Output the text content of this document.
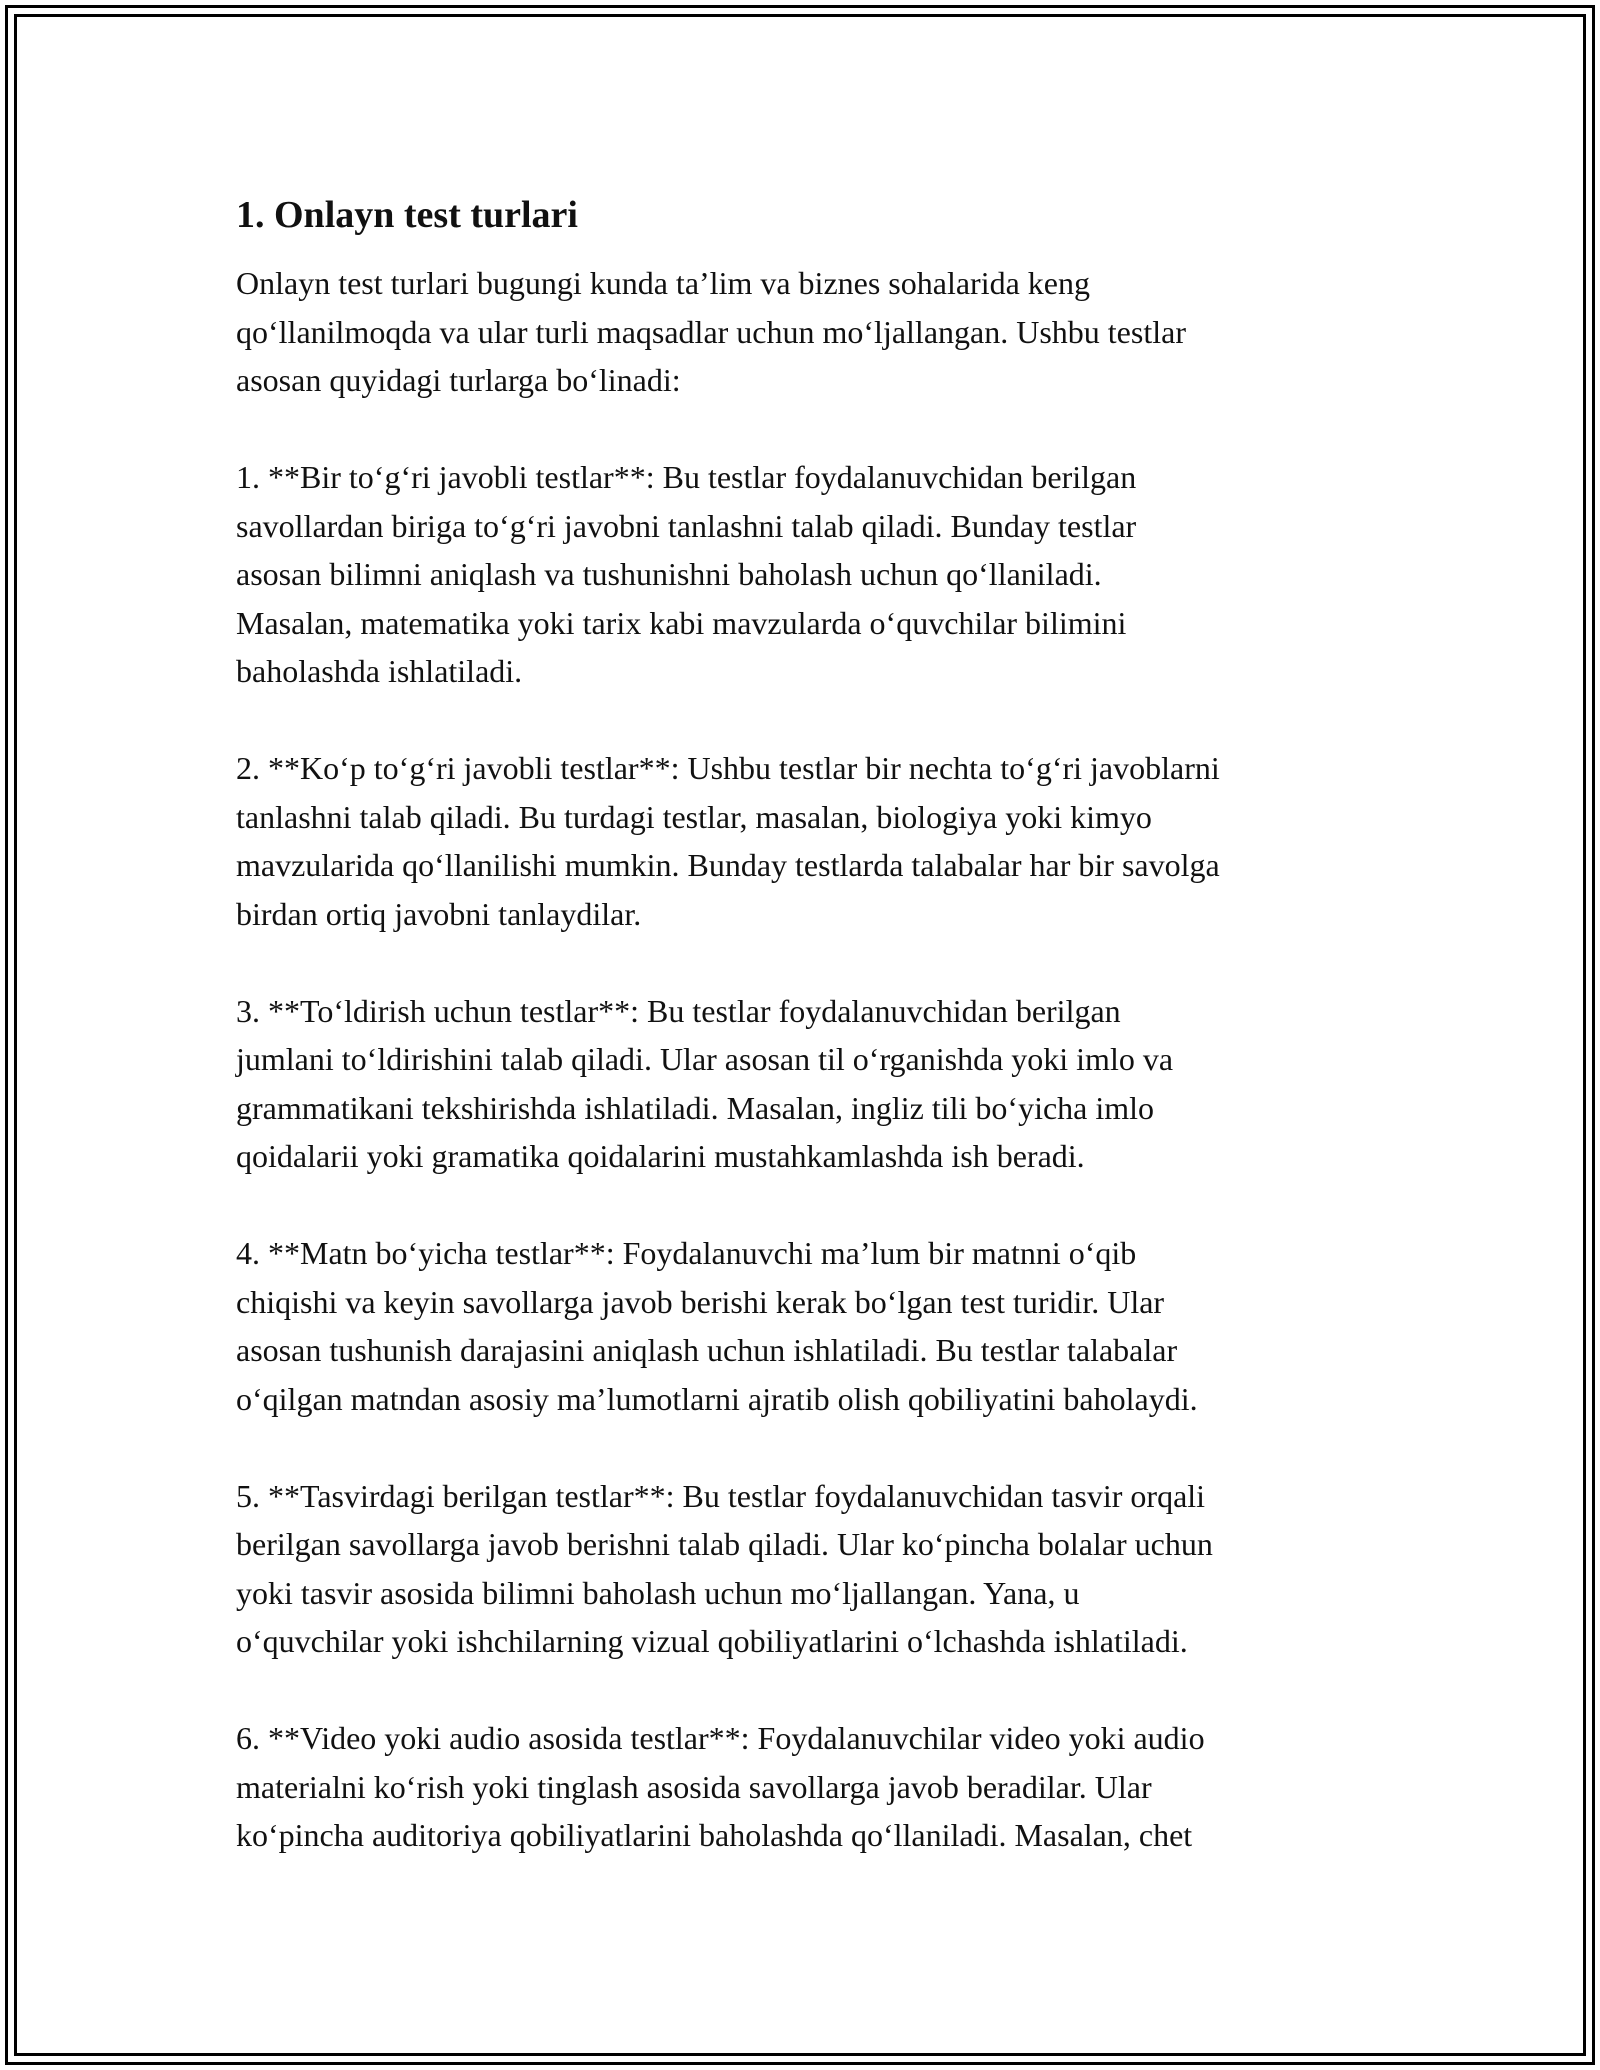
1. Onlayn test turlari
Onlayn test turlari bugungi kunda ta’lim va biznes sohalarida keng
qo‘llanilmoqda va ular turli maqsadlar uchun mo‘ljallangan. Ushbu testlar
asosan quyidagi turlarga bo‘linadi:
1. **Bir to‘g‘ri javobli testlar**: Bu testlar foydalanuvchidan berilgan
savollardan biriga to‘g‘ri javobni tanlashni talab qiladi. Bunday testlar
asosan bilimni aniqlash va tushunishni baholash uchun qo‘llaniladi.
Masalan, matematika yoki tarix kabi mavzularda o‘quvchilar bilimini
baholashda ishlatiladi.
2. **Ko‘p to‘g‘ri javobli testlar**: Ushbu testlar bir nechta to‘g‘ri javoblarni
tanlashni talab qiladi. Bu turdagi testlar, masalan, biologiya yoki kimyo
mavzularida qo‘llanilishi mumkin. Bunday testlarda talabalar har bir savolga
birdan ortiq javobni tanlaydilar.
3. **To‘ldirish uchun testlar**: Bu testlar foydalanuvchidan berilgan
jumlani to‘ldirishini talab qiladi. Ular asosan til o‘rganishda yoki imlo va
grammatikani tekshirishda ishlatiladi. Masalan, ingliz tili bo‘yicha imlo
qoidalarii yoki gramatika qoidalarini mustahkamlashda ish beradi.
4. **Matn bo‘yicha testlar**: Foydalanuvchi ma’lum bir matnni o‘qib
chiqishi va keyin savollarga javob berishi kerak bo‘lgan test turidir. Ular
asosan tushunish darajasini aniqlash uchun ishlatiladi. Bu testlar talabalar
o‘qilgan matndan asosiy ma’lumotlarni ajratib olish qobiliyatini baholaydi.
5. **Tasvirdagi berilgan testlar**: Bu testlar foydalanuvchidan tasvir orqali
berilgan savollarga javob berishni talab qiladi. Ular ko‘pincha bolalar uchun
yoki tasvir asosida bilimni baholash uchun mo‘ljallangan. Yana, u
o‘quvchilar yoki ishchilarning vizual qobiliyatlarini o‘lchashda ishlatiladi.
6. **Video yoki audio asosida testlar**: Foydalanuvchilar video yoki audio
materialni ko‘rish yoki tinglash asosida savollarga javob beradilar. Ular
ko‘pincha auditoriya qobiliyatlarini baholashda qo‘llaniladi. Masalan, chet
